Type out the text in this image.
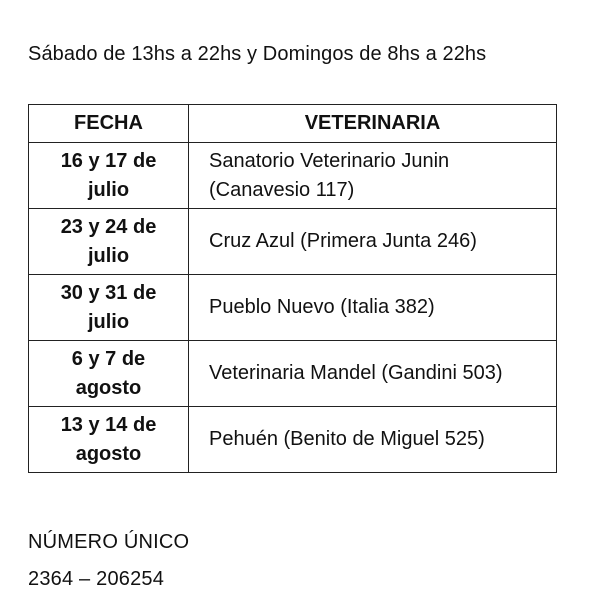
Sábado de 13hs a 22hs y Domingos de 8hs a 22hs
FECHA	VETERINARIA

16 y 17 de julio	Sanatorio Veterinario Junin (Canavesio 117)

23 y 24 de julio	Cruz Azul (Primera Junta 246)

30 y 31 de julio	Pueblo Nuevo (Italia 382)

6 y 7 de agosto	Veterinaria Mandel (Gandini 503)

13 y 14 de agosto	Pehuén (Benito de Miguel 525)
NÚMERO ÚNICO
2364 – 206254
